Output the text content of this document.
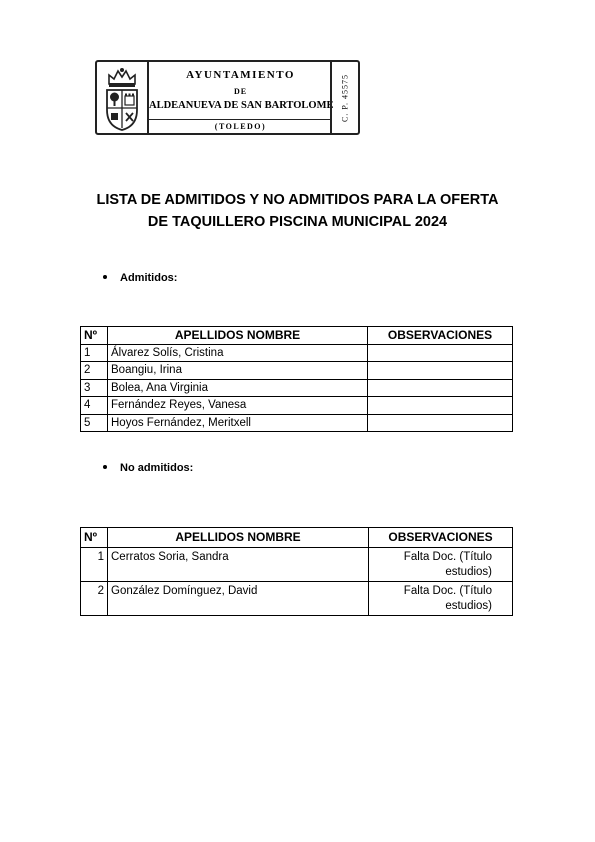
AYUNTAMIENTO
DE
ALDEANUEVA DE SAN BARTOLOME
(TOLEDO)
C. P. 45575
LISTA DE ADMITIDOS Y NO ADMITIDOS PARA LA OFERTA
DE TAQUILLERO PISCINA MUNICIPAL 2024
Admitidos:
Nº	APELLIDOS NOMBRE	OBSERVACIONES
1	Álvarez Solís, Cristina	
2	Boangiu, Irina	
3	Bolea, Ana Virginia	
4	Fernández Reyes, Vanesa	
5	Hoyos Fernández, Meritxell	
No admitidos:
Nº	APELLIDOS NOMBRE	OBSERVACIONES
1	Cerratos Soria, Sandra	Falta Doc. (Título
estudios)

2	González Domínguez, David	Falta Doc. (Título
estudios)
